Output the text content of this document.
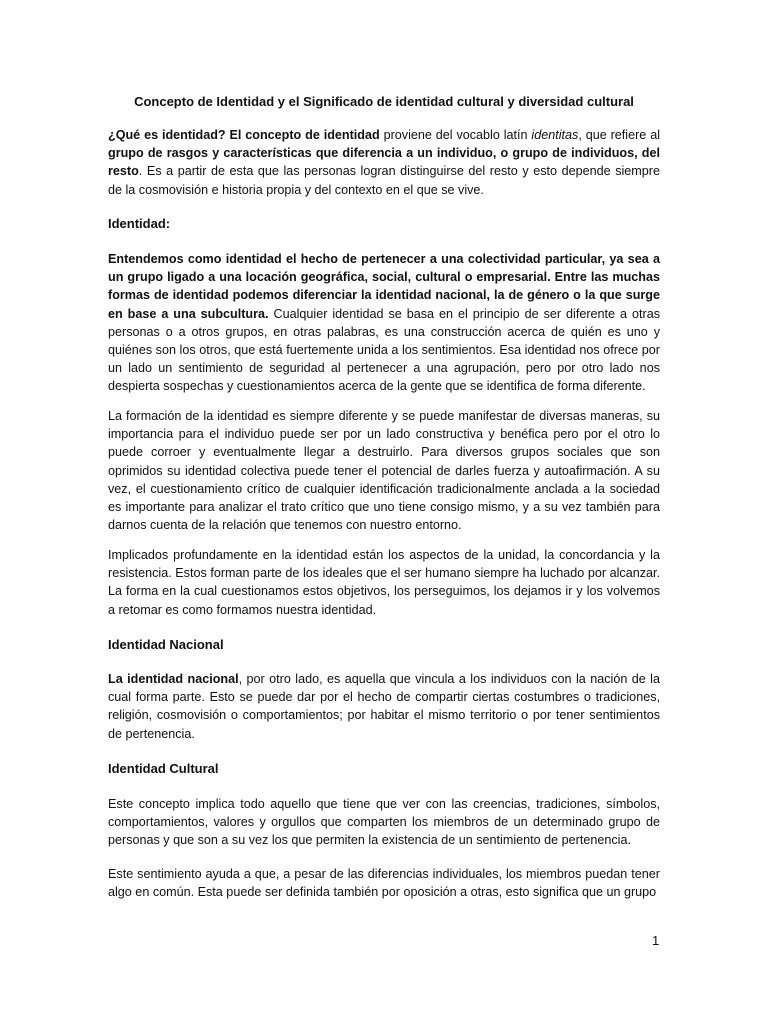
Concepto de Identidad y el Significado de identidad cultural y diversidad cultural
¿Qué es identidad? El concepto de identidad proviene del vocablo latín identitas, que refiere al grupo de rasgos y características que diferencia a un individuo, o grupo de individuos, del resto. Es a partir de esta que las personas logran distinguirse del resto y esto depende siempre de la cosmovisión e historia propia y del contexto en el que se vive.
Identidad:
Entendemos como identidad el hecho de pertenecer a una colectividad particular, ya sea a un grupo ligado a una locación geográfica, social, cultural o empresarial. Entre las muchas formas de identidad podemos diferenciar la identidad nacional, la de género o la que surge en base a una subcultura. Cualquier identidad se basa en el principio de ser diferente a otras personas o a otros grupos, en otras palabras, es una construcción acerca de quién es uno y quiénes son los otros, que está fuertemente unida a los sentimientos. Esa identidad nos ofrece por un lado un sentimiento de seguridad al pertenecer a una agrupación, pero por otro lado nos despierta sospechas y cuestionamientos acerca de la gente que se identifica de forma diferente.
La formación de la identidad es siempre diferente y se puede manifestar de diversas maneras, su importancia para el individuo puede ser por un lado constructiva y benéfica pero por el otro lo puede corroer y eventualmente llegar a destruirlo. Para diversos grupos sociales que son oprimidos su identidad colectiva puede tener el potencial de darles fuerza y autoafirmación. A su vez, el cuestionamiento crítico de cualquier identificación tradicionalmente anclada a la sociedad es importante para analizar el trato crítico que uno tiene consigo mismo, y a su vez también para darnos cuenta de la relación que tenemos con nuestro entorno.
Implicados profundamente en la identidad están los aspectos de la unidad, la concordancia y la resistencia. Estos forman parte de los ideales que el ser humano siempre ha luchado por alcanzar. La forma en la cual cuestionamos estos objetivos, los perseguimos, los dejamos ir y los volvemos a retomar es como formamos nuestra identidad.
Identidad Nacional
La identidad nacional, por otro lado, es aquella que vincula a los individuos con la nación de la cual forma parte. Esto se puede dar por el hecho de compartir ciertas costumbres o tradiciones, religión, cosmovisión o comportamientos; por habitar el mismo territorio o por tener sentimientos de pertenencia.
Identidad Cultural
Este concepto implica todo aquello que tiene que ver con las creencias, tradiciones, símbolos, comportamientos, valores y orgullos que comparten los miembros de un determinado grupo de personas y que son a su vez los que permiten la existencia de un sentimiento de pertenencia.
Este sentimiento ayuda a que, a pesar de las diferencias individuales, los miembros puedan tener algo en común. Esta puede ser definida también por oposición a otras, esto significa que un grupo
1
